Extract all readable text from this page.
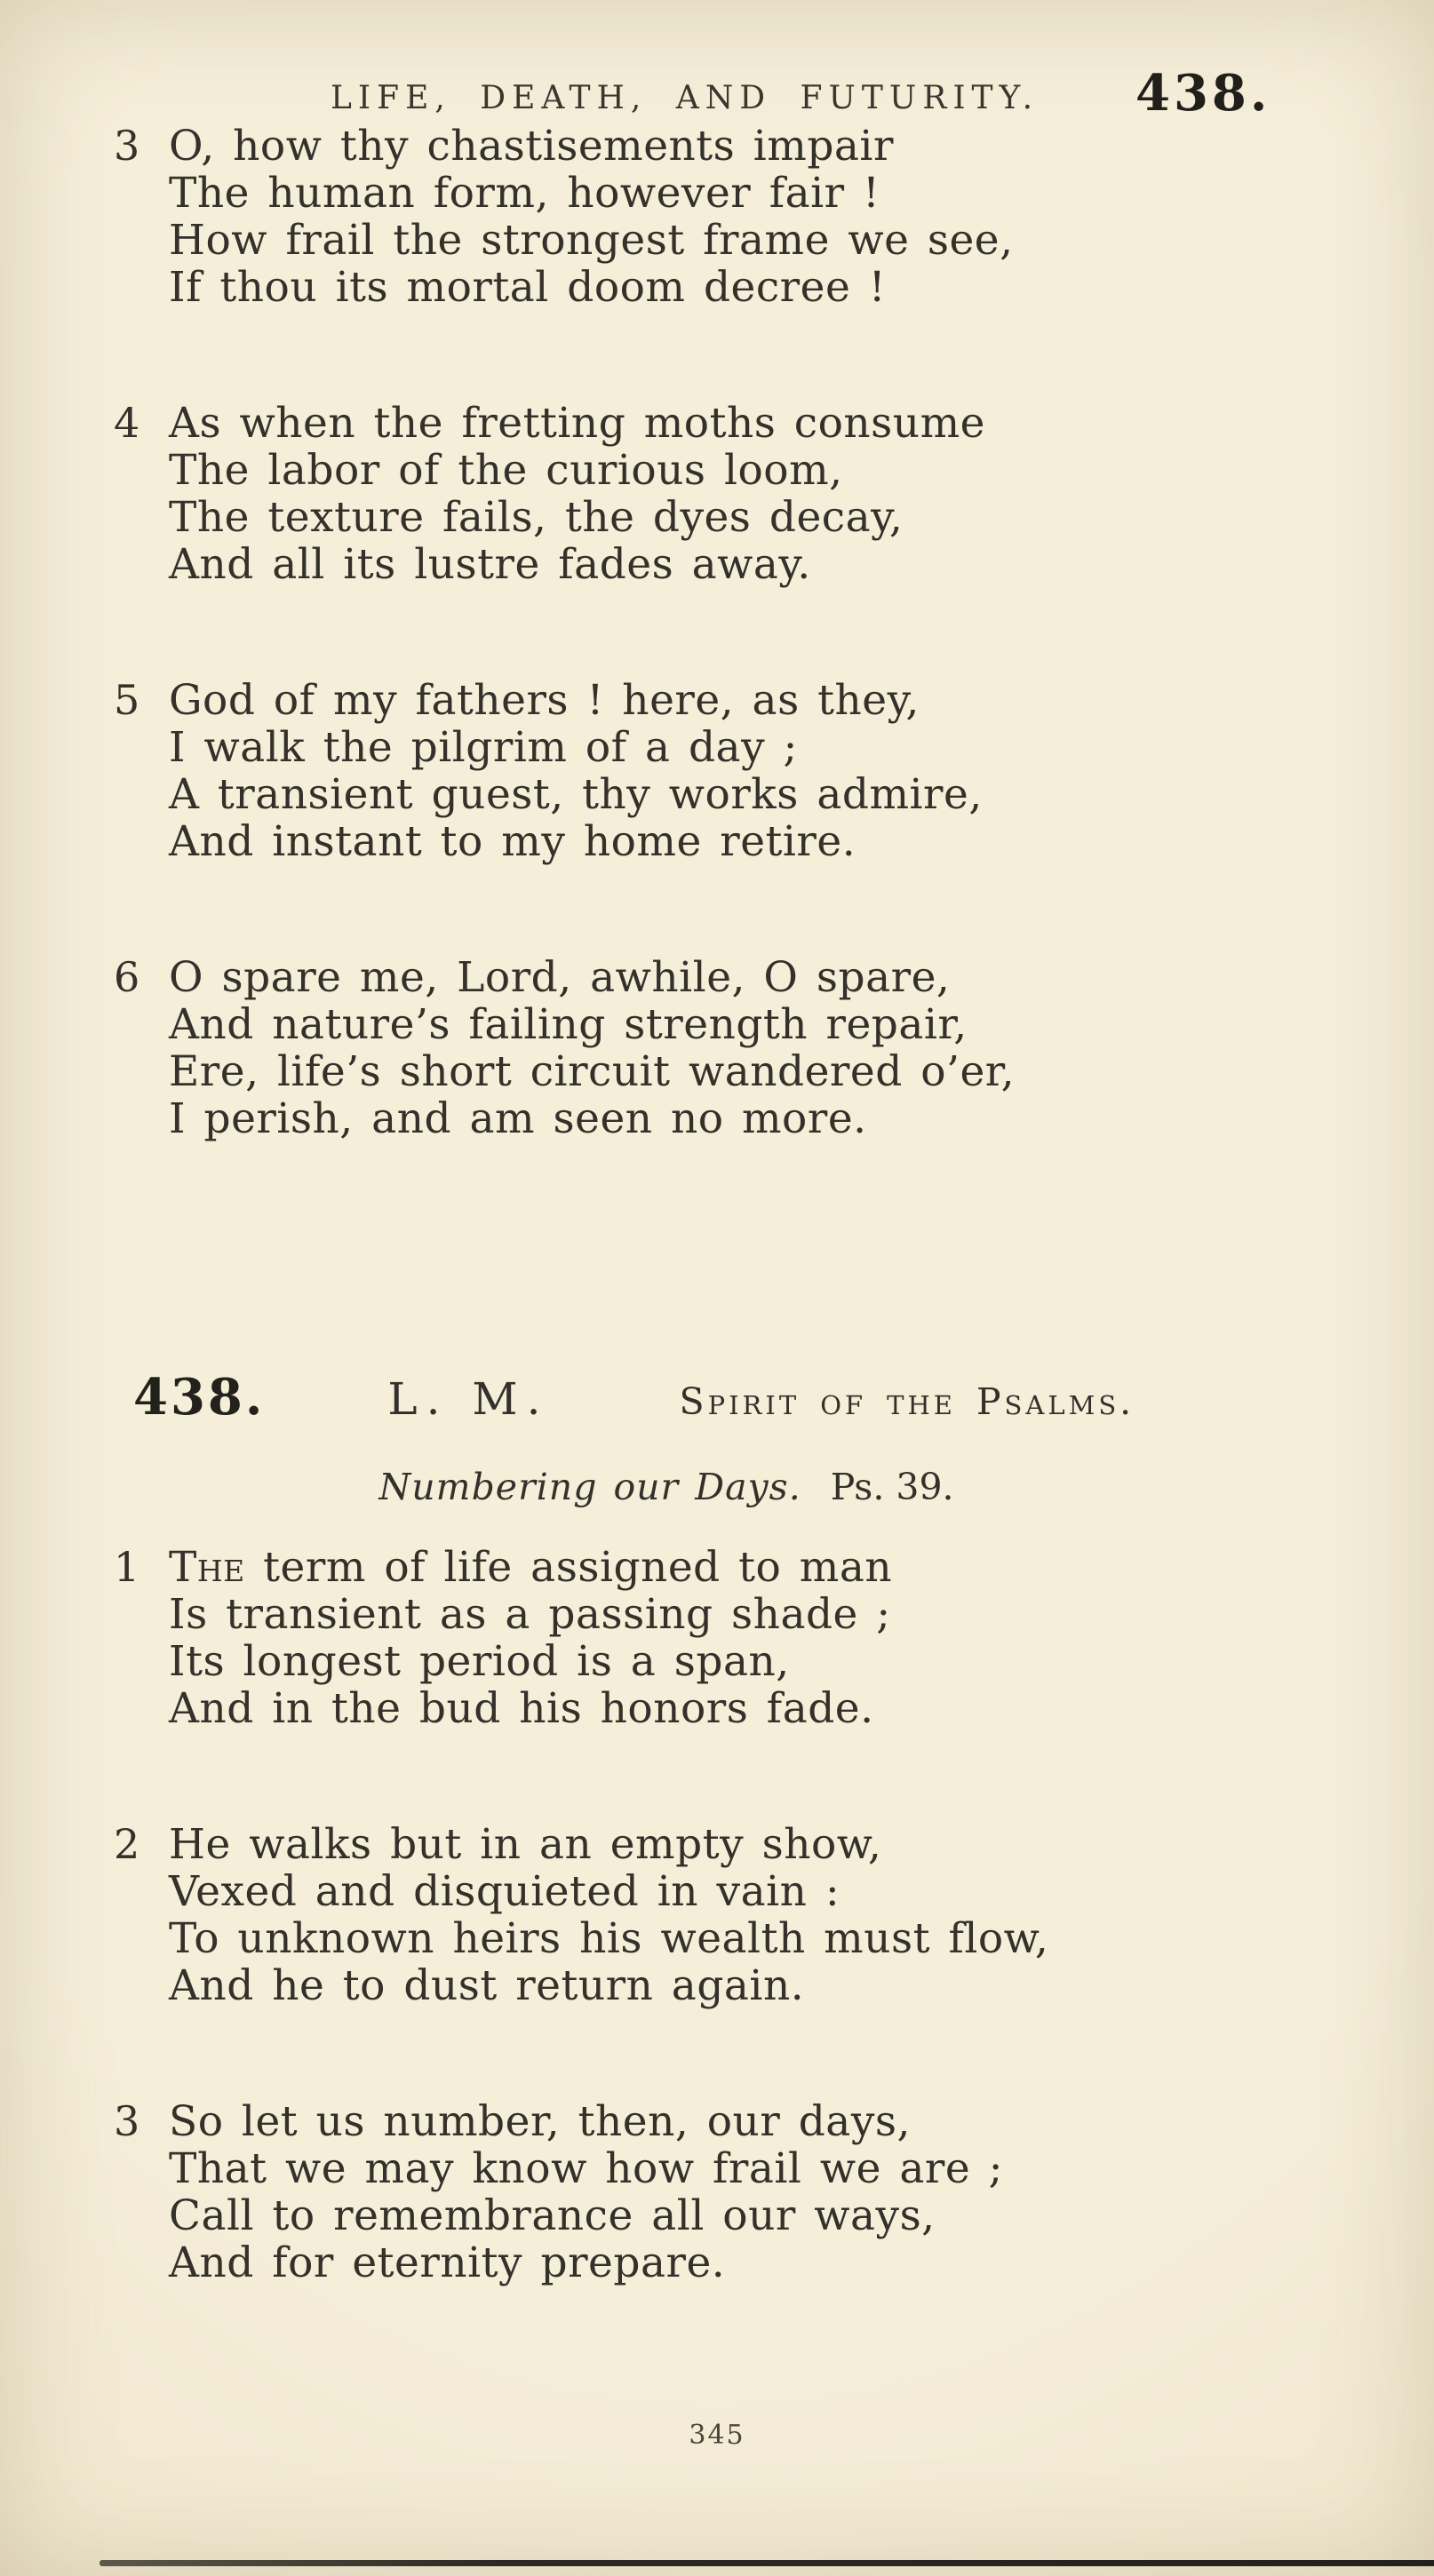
LIFE, DEATH, AND FUTURITY. 438.
3 O, how thy chastisements impair
The human form, however fair !
How frail the strongest frame we see,
If thou its mortal doom decree !
4 As when the fretting moths consume
The labor of the curious loom,
The texture fails, the dyes decay,
And all its lustre fades away.
5 God of my fathers ! here, as they,
I walk the pilgrim of a day ;
A transient guest, thy works admire,
And instant to my home retire.
6 O spare me, Lord, awhile, O spare,
And nature’s failing strength repair,
Ere, life’s short circuit wandered o’er,
I perish, and am seen no more.
438.	L. M.	Spirit of the Psalms.
Numbering our Days. Ps. 39.
1 The term of life assigned to man
Is transient as a passing shade ;
Its longest period is a span,
And in the bud his honors fade.
2 He walks but in an empty show,
Vexed and disquieted in vain :
To unknown heirs his wealth must flow,
And he to dust return again.
3 So let us number, then, our days,
That we may know how frail we are ;
Call to remembrance all our ways,
And for eternity prepare.
345
